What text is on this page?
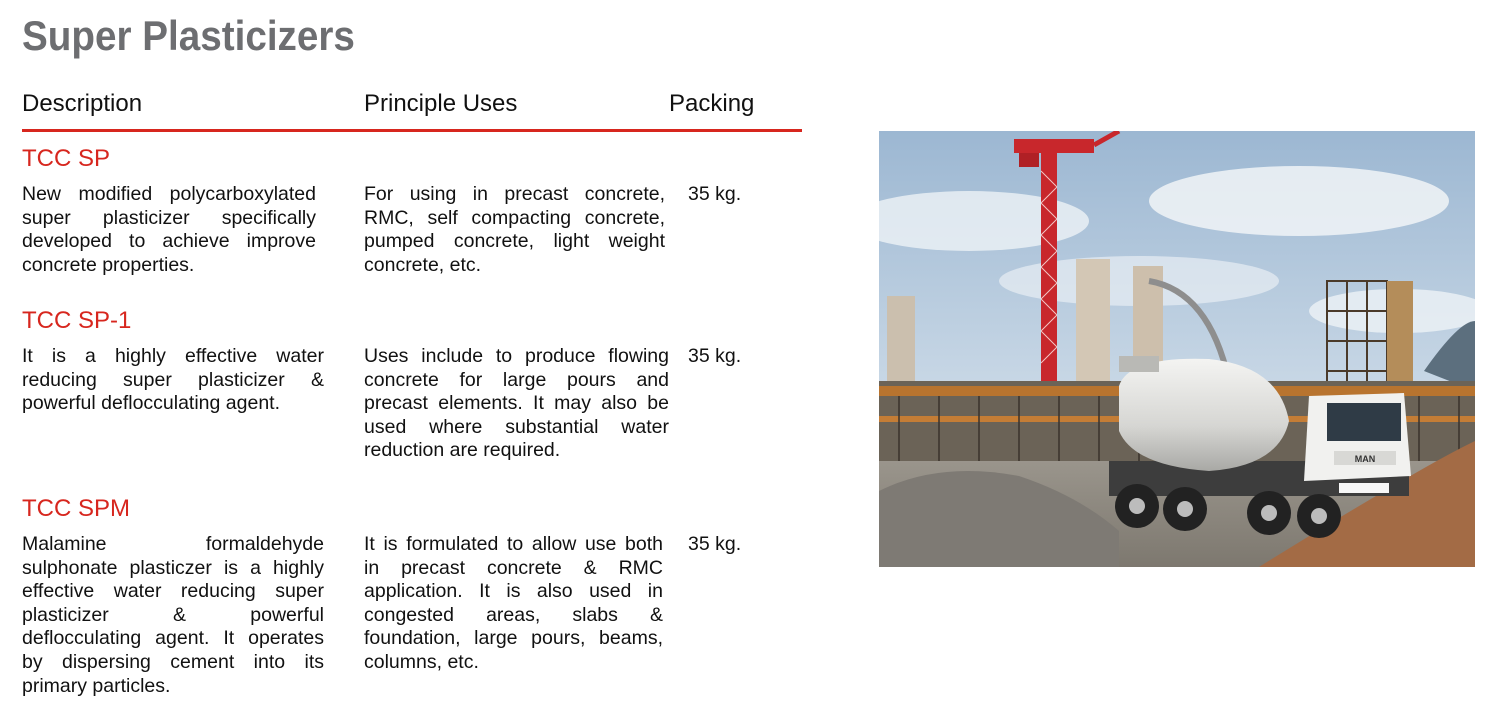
Super Plasticizers
Description	Principle Uses	Packing
TCC SP
New modified polycarboxylated super plasticizer specifically developed to achieve improve concrete properties.
For using in precast concrete, RMC, self compacting concrete, pumped concrete, light weight concrete, etc.
35 kg.
TCC SP-1
It is a highly effective water reducing super plasticizer & powerful deflocculating agent.
Uses include to produce flowing concrete for large pours and precast elements. It may also be used where substantial water reduction are required.
35 kg.
TCC SPM
Malamine formaldehyde sulphonate plasticzer is a highly effective water reducing super plasticizer & powerful deflocculating agent. It operates by dispersing cement into its primary particles.
It is formulated to allow use both in precast concrete & RMC application. It is also used in congested areas, slabs & foundation, large pours, beams, columns, etc.
35 kg.
MAN
